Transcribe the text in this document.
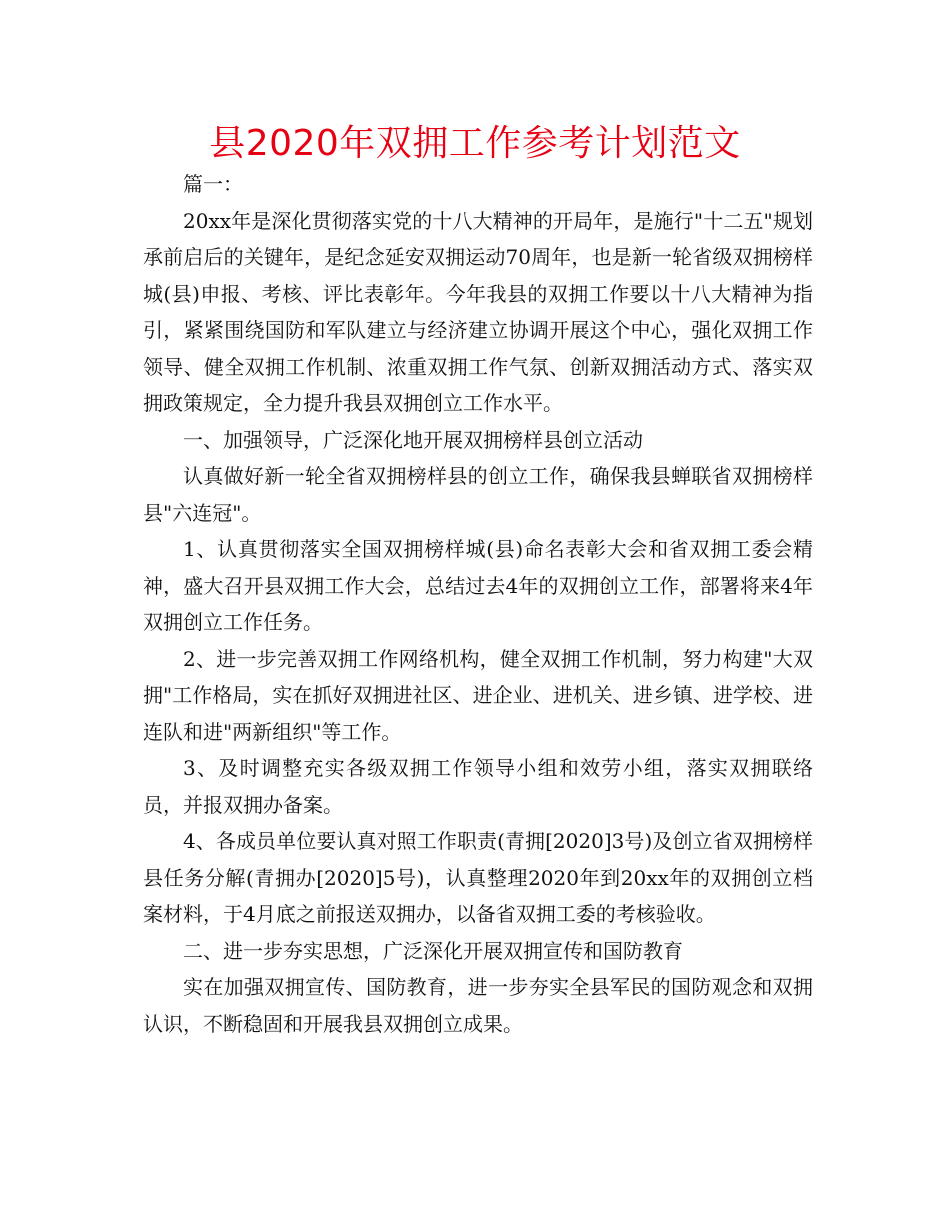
县2020年双拥工作参考计划范文

篇一：

20xx年是深化贯彻落实党的十八大精神的开局年，是施行"十二五"规划承前启后的关键年，是纪念延安双拥运动70周年，也是新一轮省级双拥榜样城(县)申报、考核、评比表彰年。今年我县的双拥工作要以十八大精神为指引，紧紧围绕国防和军队建立与经济建立协调开展这个中心，强化双拥工作领导、健全双拥工作机制、浓重双拥工作气氛、创新双拥活动方式、落实双拥政策规定，全力提升我县双拥创立工作水平。

一、加强领导，广泛深化地开展双拥榜样县创立活动

认真做好新一轮全省双拥榜样县的创立工作，确保我县蝉联省双拥榜样县"六连冠"。

1、认真贯彻落实全国双拥榜样城(县)命名表彰大会和省双拥工委会精神，盛大召开县双拥工作大会，总结过去4年的双拥创立工作，部署将来4年双拥创立工作任务。

2、进一步完善双拥工作网络机构，健全双拥工作机制，努力构建"大双拥"工作格局，实在抓好双拥进社区、进企业、进机关、进乡镇、进学校、进连队和进"两新组织"等工作。

3、及时调整充实各级双拥工作领导小组和效劳小组，落实双拥联络员，并报双拥办备案。

4、各成员单位要认真对照工作职责(青拥[2020]3号)及创立省双拥榜样县任务分解(青拥办[2020]5号)，认真整理2020年到20xx年的双拥创立档案材料，于4月底之前报送双拥办，以备省双拥工委的考核验收。

二、进一步夯实思想，广泛深化开展双拥宣传和国防教育

实在加强双拥宣传、国防教育，进一步夯实全县军民的国防观念和双拥认识，不断稳固和开展我县双拥创立成果。
